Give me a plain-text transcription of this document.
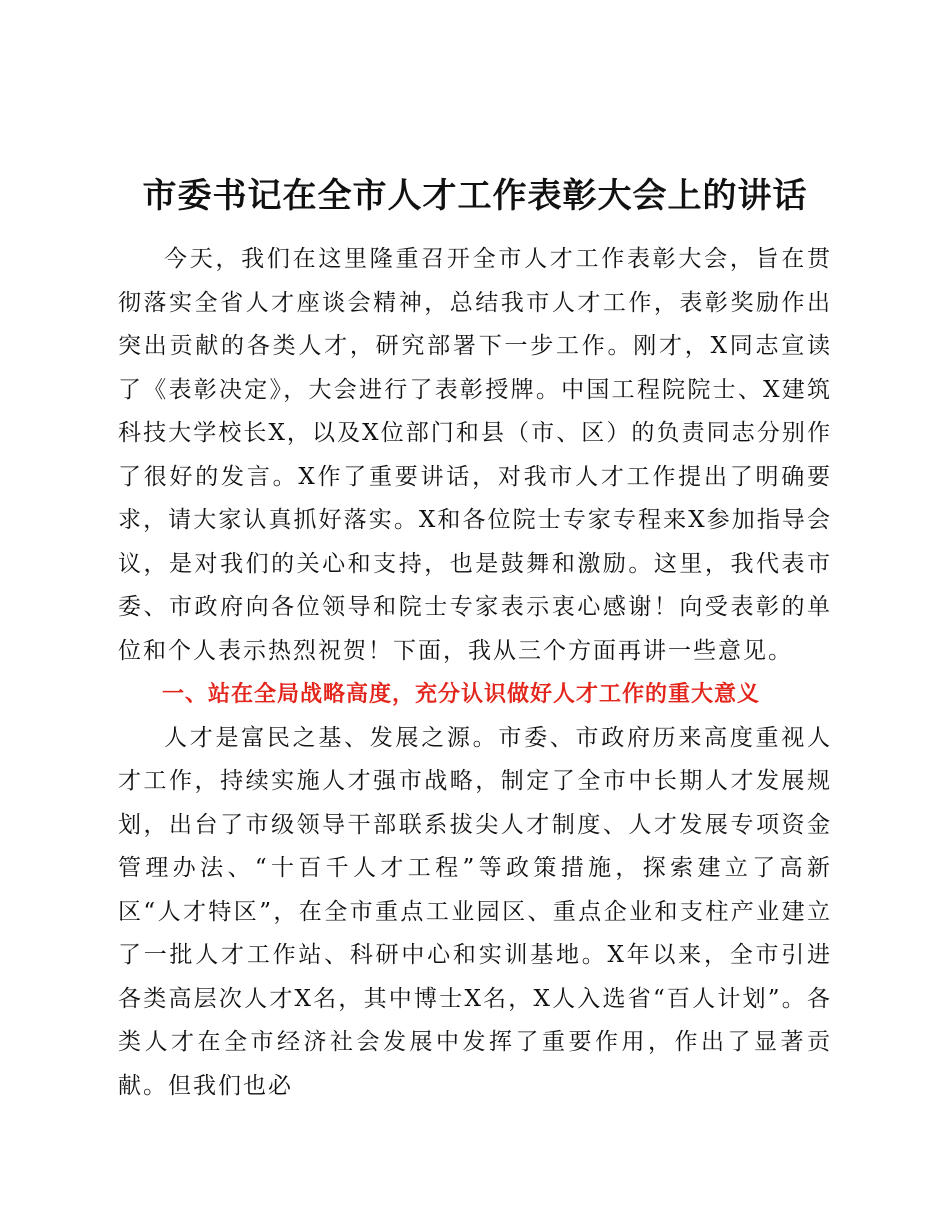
市委书记在全市人才工作表彰大会上的讲话

今天，我们在这里隆重召开全市人才工作表彰大会，旨在贯彻落实全省人才座谈会精神，总结我市人才工作，表彰奖励作出突出贡献的各类人才，研究部署下一步工作。刚才，X同志宣读了《表彰决定》，大会进行了表彰授牌。中国工程院院士、X建筑科技大学校长X，以及X位部门和县（市、区）的负责同志分别作了很好的发言。X作了重要讲话，对我市人才工作提出了明确要求，请大家认真抓好落实。X和各位院士专家专程来X参加指导会议，是对我们的关心和支持，也是鼓舞和激励。这里，我代表市委、市政府向各位领导和院士专家表示衷心感谢！向受表彰的单位和个人表示热烈祝贺！下面，我从三个方面再讲一些意见。

一、站在全局战略高度，充分认识做好人才工作的重大意义

人才是富民之基、发展之源。市委、市政府历来高度重视人才工作，持续实施人才强市战略，制定了全市中长期人才发展规划，出台了市级领导干部联系拔尖人才制度、人才发展专项资金管理办法、“十百千人才工程”等政策措施，探索建立了高新区“人才特区”，在全市重点工业园区、重点企业和支柱产业建立了一批人才工作站、科研中心和实训基地。X年以来，全市引进各类高层次人才X名，其中博士X名，X人入选省“百人计划”。各类人才在全市经济社会发展中发挥了重要作用，作出了显著贡献。但我们也必
